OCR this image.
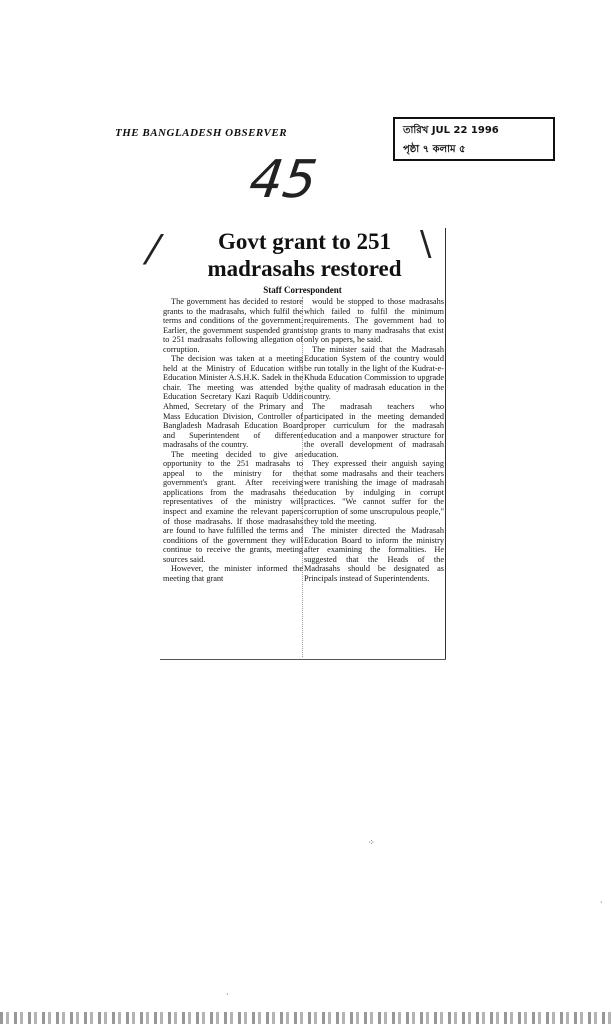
THE BANGLADESH OBSERVER	তারিখ JUL 22 1996
পৃষ্ঠা ৭ কলাম ৫
45
⁄	\
Govt grant to 251
madrasahs restored
Staff Correspondent

The government has decided to restore grants to the madrasahs, which fulfil the terms and conditions of the government. Earlier, the government suspended grants to 251 madrasahs following allegation of corruption.

The decision was taken at a meeting held at the Ministry of Education with Education Minister A.S.H.K. Sadek in the chair. The meeting was attended by Education Secretary Kazi Raquib Uddin Ahmed, Secretary of the Primary and Mass Education Division, Controller of Bangladesh Madrasah Education Board and Superintendent of different madrasahs of the country.

The meeting decided to give an opportunity to the 251 madrasahs to appeal to the ministry for the government's grant. After receiving applications from the madrasahs the representatives of the ministry will inspect and examine the relevant papers of those madrasahs. If those madrasahs are found to have fulfilled the terms and conditions of the government they will continue to receive the grants, meeting sources said.

However, the minister informed the meeting that grant

would be stopped to those madrasahs which failed to fulfil the minimum requirements. The government had to stop grants to many madrasahs that exist only on papers, he said.

The minister said that the Madrasah Education System of the country would be run totally in the light of the Kudrat-e-Khuda Education Commission to upgrade the quality of madrasah education in the country.

The madrasah teachers who participated in the meeting demanded proper curriculum for the madrasah education and a manpower structure for the overall development of madrasah education.

They expressed their anguish saying that some madrasahs and their teachers were tranishing the image of madrasah education by indulging in corrupt practices. "We cannot suffer for the corruption of some unscrupulous people," they told the meeting.

The minister directed the Madrasah Education Board to inform the ministry after examining the formalities. He suggested that the Heads of the Madrasahs should be designated as Principals instead of Superintendents.

⁘
·
·
